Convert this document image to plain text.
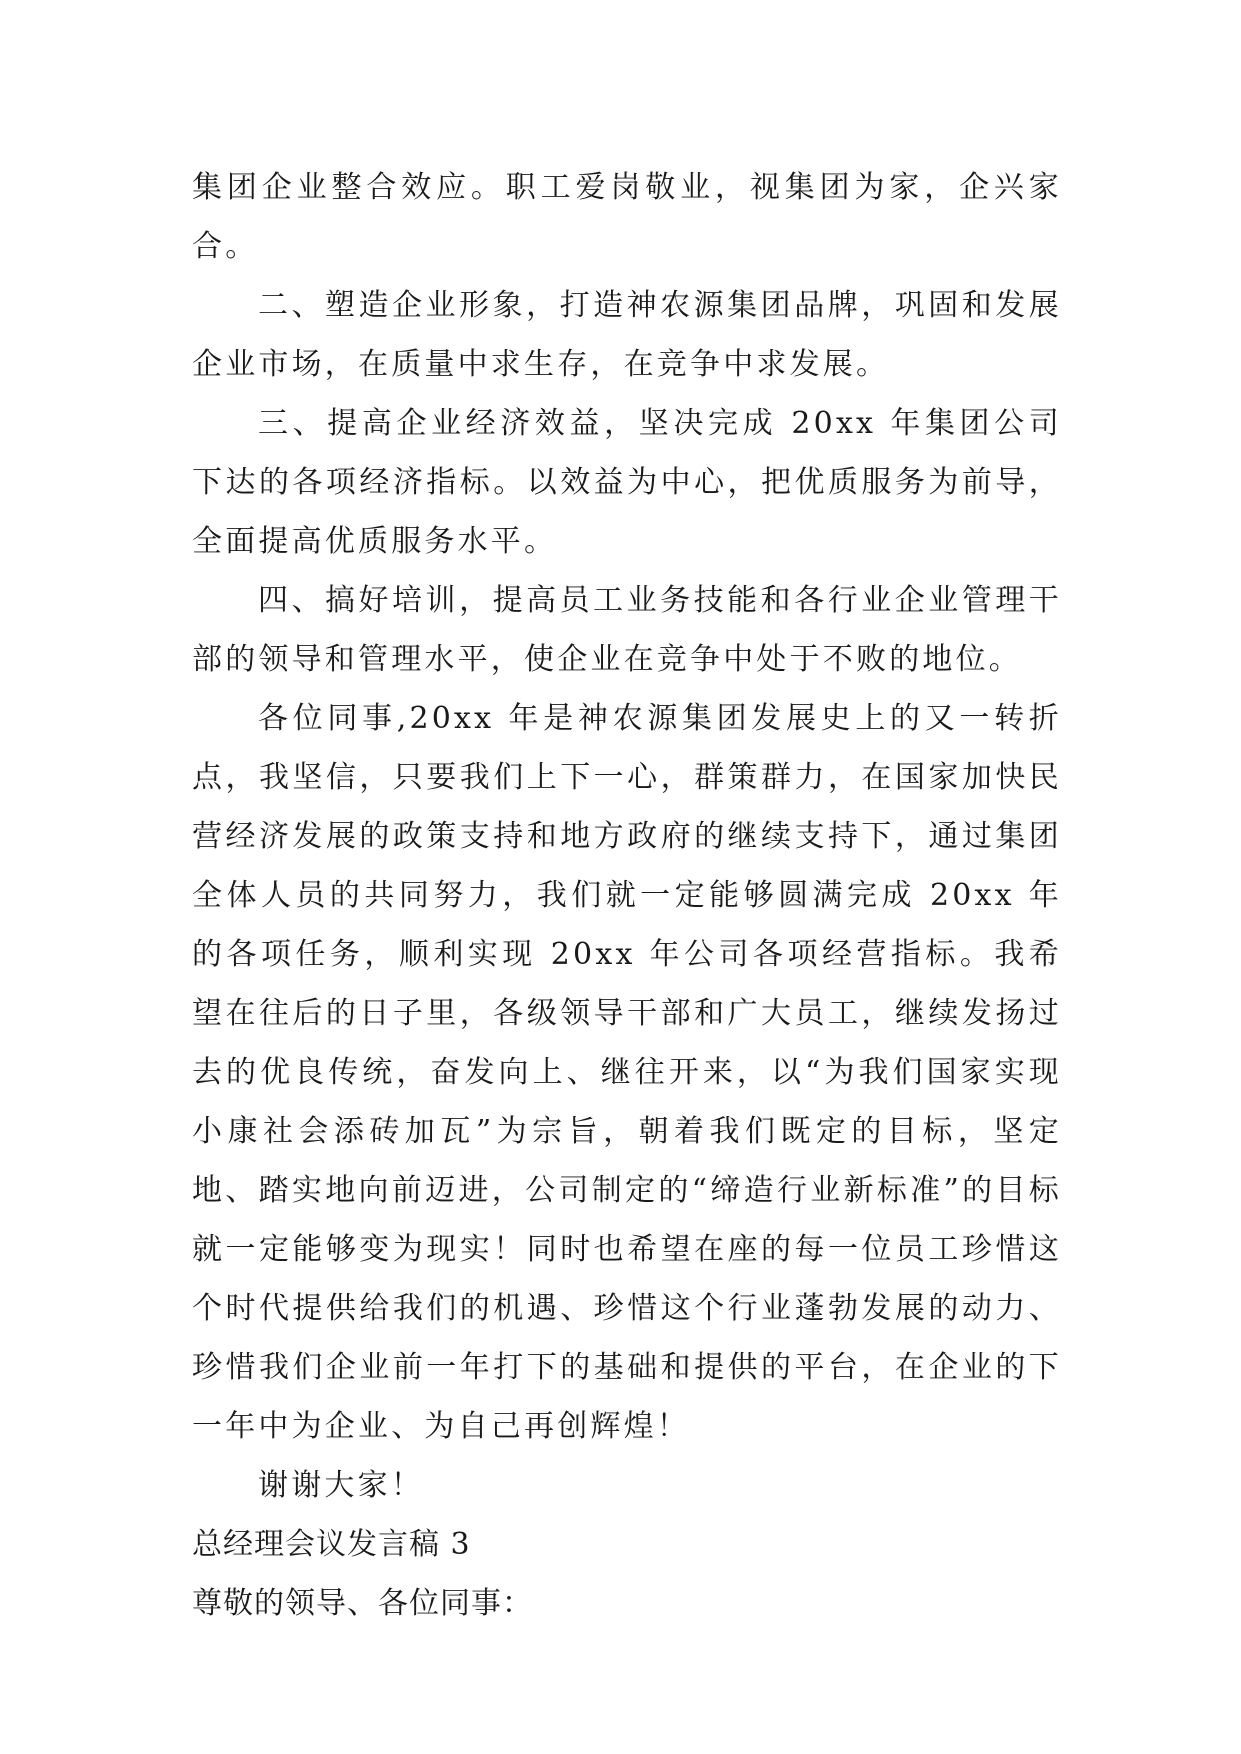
集团企业整合效应。职工爱岗敬业，视集团为家，企兴家合。

二、塑造企业形象，打造神农源集团品牌，巩固和发展企业市场，在质量中求生存，在竞争中求发展。

三、提高企业经济效益，坚决完成 20xx 年集团公司下达的各项经济指标。以效益为中心，把优质服务为前导，全面提高优质服务水平。

四、搞好培训，提高员工业务技能和各行业企业管理干部的领导和管理水平，使企业在竞争中处于不败的地位。

各位同事,20xx 年是神农源集团发展史上的又一转折点，我坚信，只要我们上下一心，群策群力，在国家加快民营经济发展的政策支持和地方政府的继续支持下，通过集团全体人员的共同努力，我们就一定能够圆满完成 20xx 年的各项任务，顺利实现 20xx 年公司各项经营指标。我希望在往后的日子里，各级领导干部和广大员工，继续发扬过去的优良传统，奋发向上、继往开来，以“为我们国家实现小康社会添砖加瓦”为宗旨，朝着我们既定的目标，坚定地、踏实地向前迈进，公司制定的“缔造行业新标准”的目标就一定能够变为现实！同时也希望在座的每一位员工珍惜这个时代提供给我们的机遇、珍惜这个行业蓬勃发展的动力、珍惜我们企业前一年打下的基础和提供的平台，在企业的下一年中为企业、为自己再创辉煌！

谢谢大家！

总经理会议发言稿 3

尊敬的领导、各位同事：
